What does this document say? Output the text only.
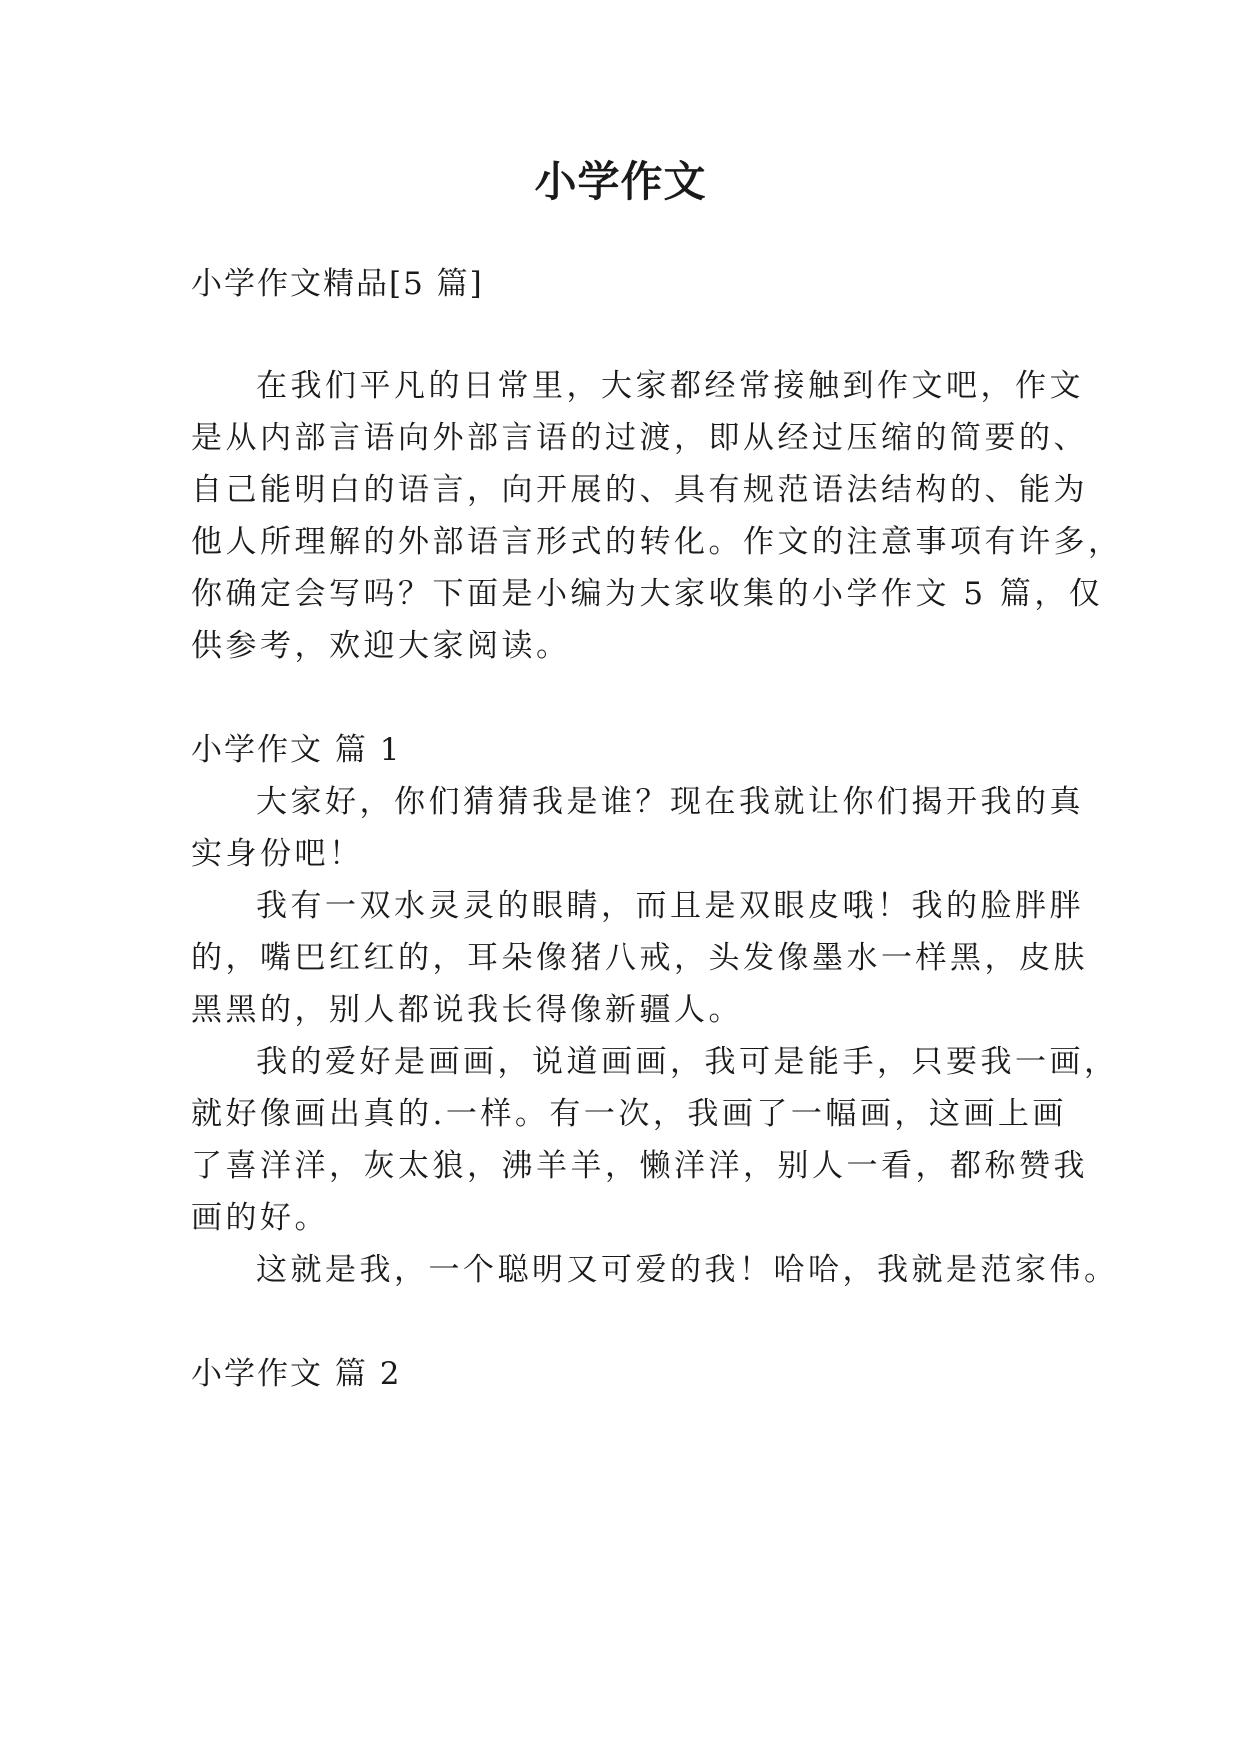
小学作文
小学作文精品[5 篇]
在我们平凡的日常里，大家都经常接触到作文吧，作文
是从内部言语向外部言语的过渡，即从经过压缩的简要的、
自己能明白的语言，向开展的、具有规范语法结构的、能为
他人所理解的外部语言形式的转化。作文的注意事项有许多，
你确定会写吗？下面是小编为大家收集的小学作文 5 篇，仅
供参考，欢迎大家阅读。
小学作文 篇 1
大家好，你们猜猜我是谁？现在我就让你们揭开我的真
实身份吧！
我有一双水灵灵的眼睛，而且是双眼皮哦！我的脸胖胖
的，嘴巴红红的，耳朵像猪八戒，头发像墨水一样黑，皮肤
黑黑的，别人都说我长得像新疆人。
我的爱好是画画，说道画画，我可是能手，只要我一画，
就好像画出真的.一样。有一次，我画了一幅画，这画上画
了喜洋洋，灰太狼，沸羊羊，懒洋洋，别人一看，都称赞我
画的好。
这就是我，一个聪明又可爱的我！哈哈，我就是范家伟。
小学作文 篇 2
